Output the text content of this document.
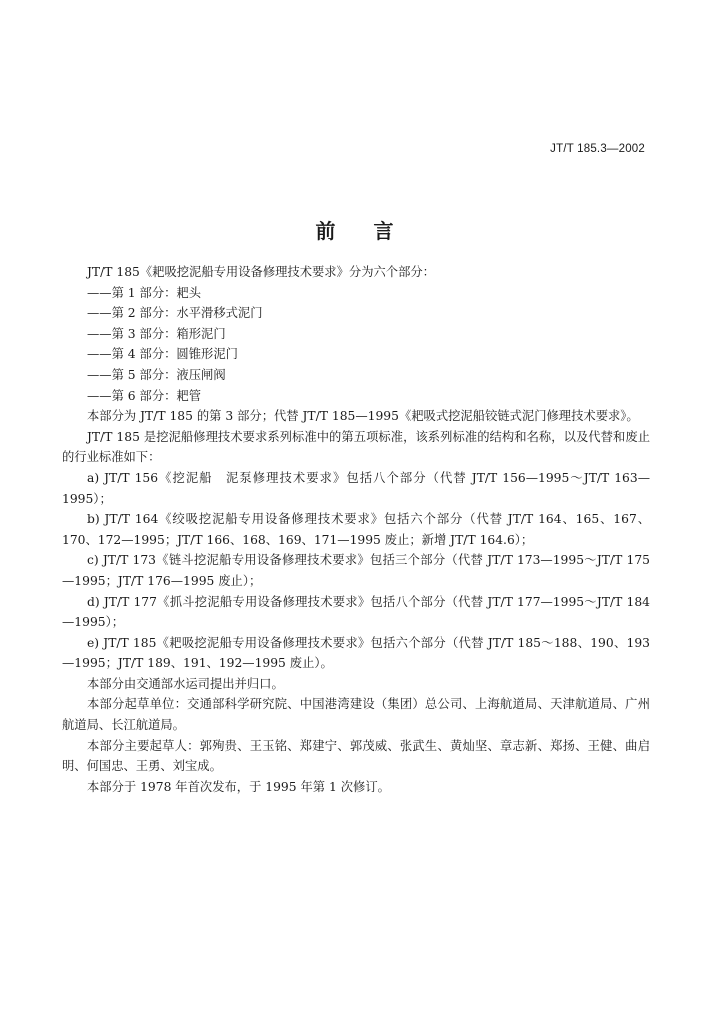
JT/T 185.3—2002
前言

JT/T 185《耙吸挖泥船专用设备修理技术要求》分为六个部分：

——第 1 部分：耙头

——第 2 部分：水平滑移式泥门

——第 3 部分：箱形泥门

——第 4 部分：圆锥形泥门

——第 5 部分：液压闸阀

——第 6 部分：耙管

本部分为 JT/T 185 的第 3 部分；代替 JT/T 185—1995《耙吸式挖泥船铰链式泥门修理技术要求》。

JT/T 185 是挖泥船修理技术要求系列标准中的第五项标准，该系列标准的结构和名称，以及代替和废止的行业标准如下：

a) JT/T 156《挖泥船　泥泵修理技术要求》包括八个部分（代替 JT/T 156—1995～JT/T 163—1995）；

b) JT/T 164《绞吸挖泥船专用设备修理技术要求》包括六个部分（代替 JT/T 164、165、167、170、172—1995；JT/T 166、168、169、171—1995 废止；新增 JT/T 164.6）；

c) JT/T 173《链斗挖泥船专用设备修理技术要求》包括三个部分（代替 JT/T 173—1995～JT/T 175—1995；JT/T 176—1995 废止）；

d) JT/T 177《抓斗挖泥船专用设备修理技术要求》包括八个部分（代替 JT/T 177—1995～JT/T 184—1995）；

e) JT/T 185《耙吸挖泥船专用设备修理技术要求》包括六个部分（代替 JT/T 185～188、190、193—1995；JT/T 189、191、192—1995 废止）。

本部分由交通部水运司提出并归口。

本部分起草单位：交通部科学研究院、中国港湾建设（集团）总公司、上海航道局、天津航道局、广州航道局、长江航道局。

本部分主要起草人：郭殉贵、王玉铭、郑建宁、郭茂威、张武生、黄灿坚、章志新、郑扬、王健、曲启明、何国忠、王勇、刘宝成。

本部分于 1978 年首次发布，于 1995 年第 1 次修订。
